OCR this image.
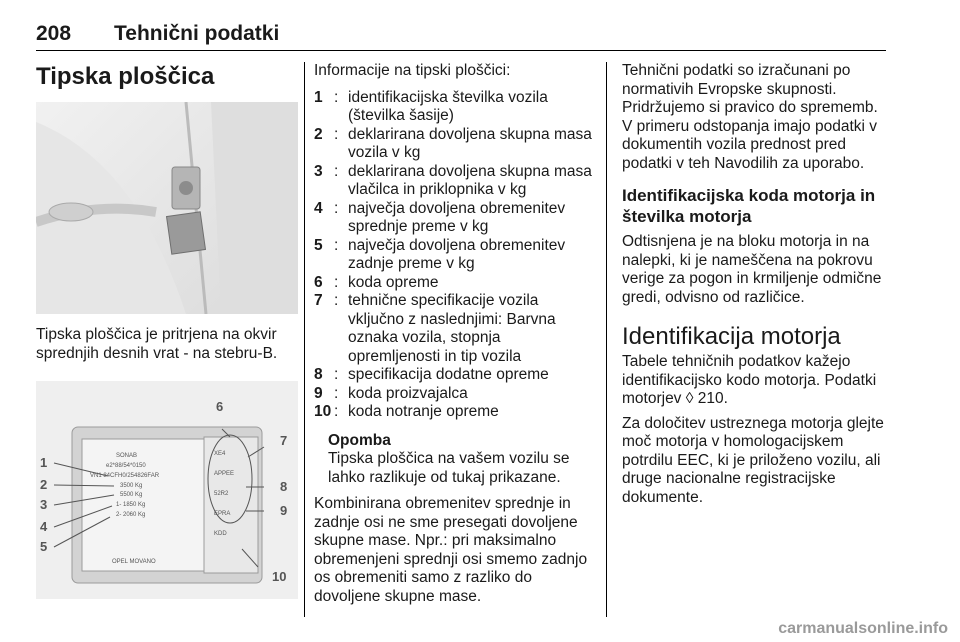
208 Tehnični podatki
Tipska ploščica

Tipska ploščica je pritrjena na okvir sprednjih desnih vrat - na stebru-B.

SONAB
e2*88/54*0150
VN1 84CFH0/254826FAR
3500 Kg
5500 Kg
1- 1850 Kg
2- 2060 Kg
OPEL MOVANO
XE4
APPEE
52R2
EPRA
KDD
1
2
3
4
5
6
7
8
9
10

Informacije na tipski ploščici:

1 : identifikacijska številka vozila (številka šasije)
2 : deklarirana dovoljena skupna masa vozila v kg
3 : deklarirana dovoljena skupna masa vlačilca in priklopnika v kg
4 : največja dovoljena obremenitev sprednje preme v kg
5 : največja dovoljena obremenitev zadnje preme v kg
6 : koda opreme
7 : tehnične specifikacije vozila vključno z naslednjimi: Barvna oznaka vozila, stopnja opremljenosti in tip vozila
8 : specifikacija dodatne opreme
9 : koda proizvajalca
10 : koda notranje opreme
Opomba
Tipska ploščica na vašem vozilu se lahko razlikuje od tukaj prikazane.

Kombinirana obremenitev sprednje in zadnje osi ne sme presegati dovoljene skupne mase. Npr.: pri maksimalno obremenjeni sprednji osi smemo zadnjo os obremeniti samo z razliko do dovoljene skupne mase.

Tehnični podatki so izračunani po normativih Evropske skupnosti. Pridržujemo si pravico do sprememb. V primeru odstopanja imajo podatki v dokumentih vozila prednost pred podatki v teh Navodilih za uporabo.

Identifikacijska koda motorja in številka motorja

Odtisnjena je na bloku motorja in na nalepki, ki je nameščena na pokrovu verige za pogon in krmiljenje odmične gredi, odvisno od različice.

Identifikacija motorja

Tabele tehničnih podatkov kažejo identifikacijsko kodo motorja. Podatki motorjev ◊ 210.

Za določitev ustreznega motorja glejte moč motorja v homologacijskem potrdilu EEC, ki je priloženo vozilu, ali druge nacionalne registracijske dokumente.

carmanualsonline.info
